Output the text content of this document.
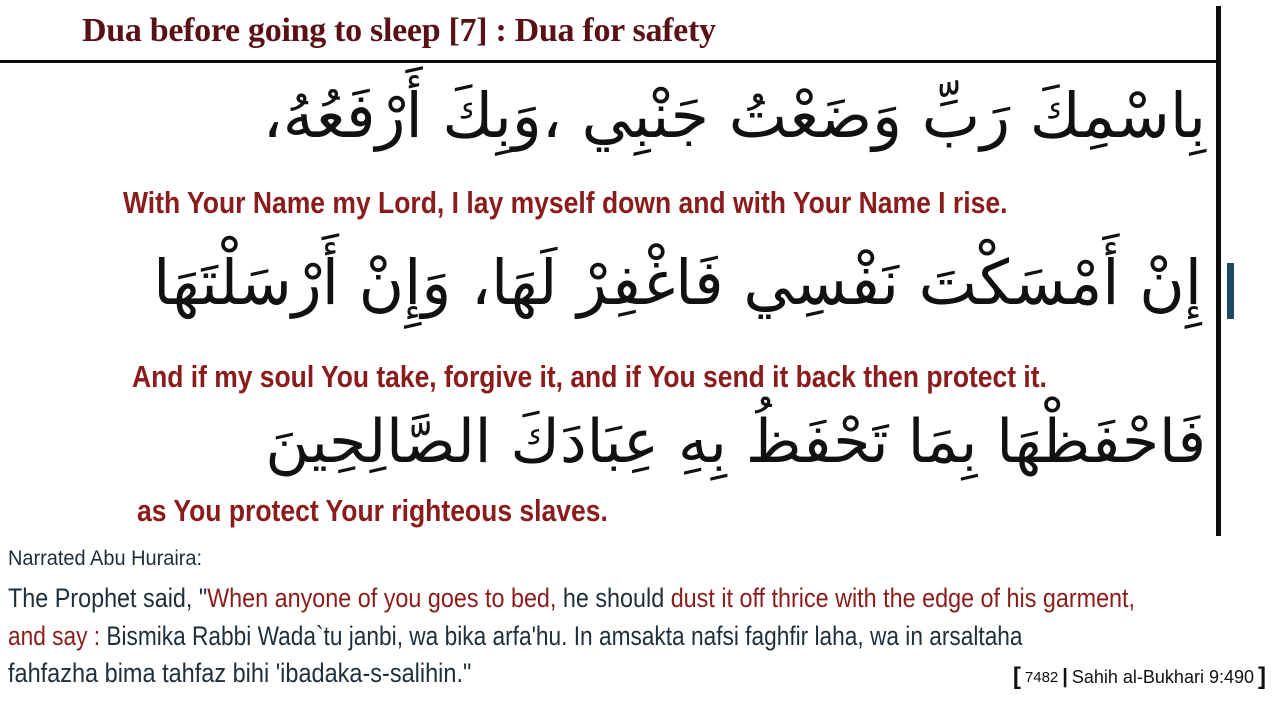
Dua before going to sleep [7] : Dua for safety
بِاسْمِكَ رَبِّ وَضَعْتُ جَنْبِي ،وَبِكَ أَرْفَعُهُ،
With Your Name my Lord, I lay myself down and with Your Name I rise.
إِنْ أَمْسَكْتَ نَفْسِي فَاغْفِرْ لَهَا، وَإِنْ أَرْسَلْتَهَا
And if my soul You take, forgive it, and if You send it back then protect it.
فَاحْفَظْهَا بِمَا تَحْفَظُ بِهِ عِبَادَكَ الصَّالِحِينَ
as You protect Your righteous slaves.
Narrated Abu Huraira:
The Prophet said, "When anyone of you goes to bed, he should dust it off thrice with the edge of his garment,
and say : Bismika Rabbi Wada`tu janbi, wa bika arfa'hu. In amsakta nafsi faghfir laha, wa in arsaltaha
fahfazha bima tahfaz bihi 'ibadaka-s-salihin."	[ 7482 | Sahih al-Bukhari 9:490 ]
